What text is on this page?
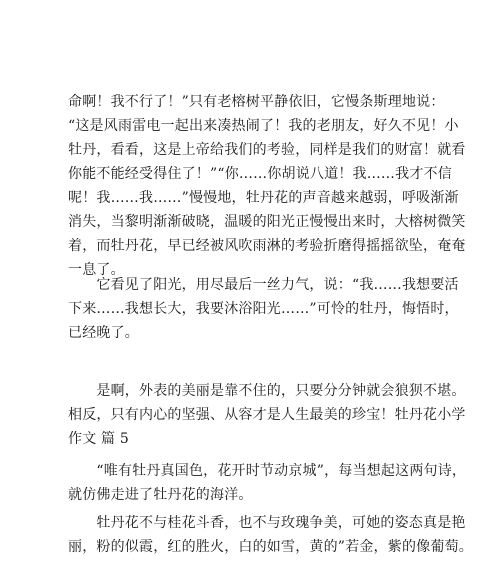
命啊！我不行了！”只有老榕树平静依旧，它慢条斯理地说：
“这是风雨雷电一起出来凑热闹了！我的老朋友，好久不见！小
牡丹，看看，这是上帝给我们的考验，同样是我们的财富！就看
你能不能经受得住了！”“你……你胡说八道！我……我才不信
呢！我……我……”慢慢地，牡丹花的声音越来越弱，呼吸渐渐
消失，当黎明渐渐破晓，温暖的阳光正慢慢出来时，大榕树微笑
着，而牡丹花，早已经被风吹雨淋的考验折磨得摇摇欲坠，奄奄
一息了。
　　它看见了阳光，用尽最后一丝力气，说：“我……我想要活
下来……我想长大，我要沐浴阳光……”可怜的牡丹，悔悟时，
已经晚了。
　　是啊，外表的美丽是靠不住的，只要分分钟就会狼狈不堪。
相反，只有内心的坚强、从容才是人生最美的珍宝！牡丹花小学
作文 篇 5
　　“唯有牡丹真国色，花开时节动京城”，每当想起这两句诗，
就仿佛走进了牡丹花的海洋。
　　牡丹花不与桂花斗香，也不与玫瑰争美，可她的姿态真是艳
丽，粉的似霞，红的胜火，白的如雪，黄的”若金，紫的像葡萄。
